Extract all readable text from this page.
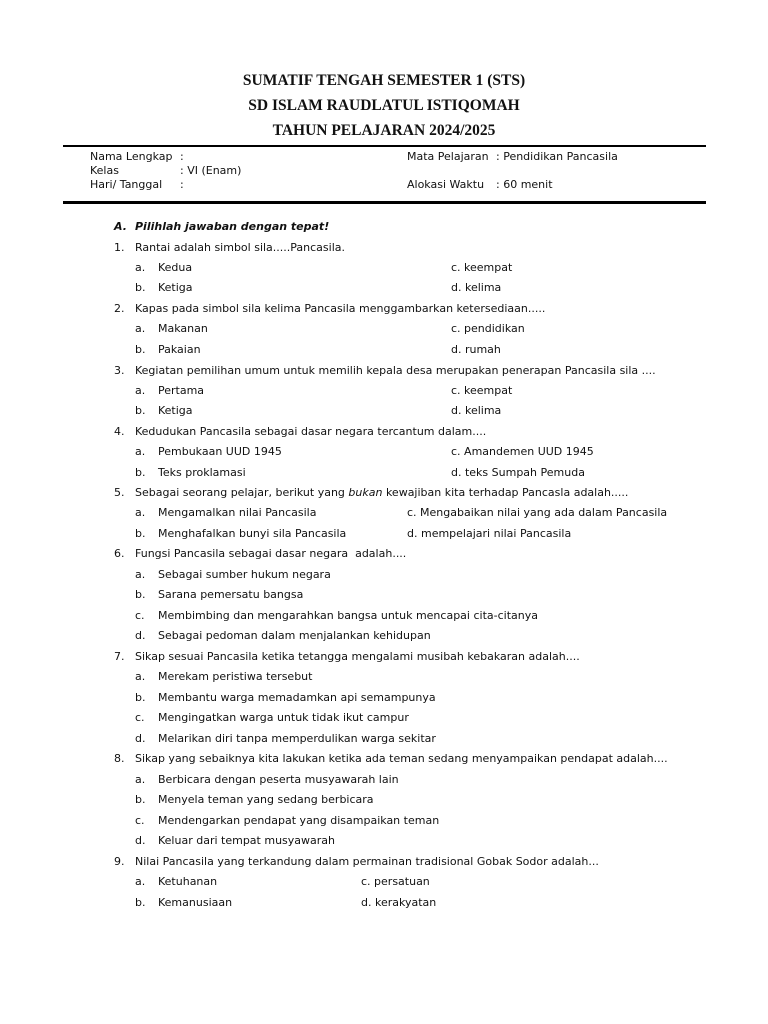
SUMATIF TENGAH SEMESTER 1 (STS)
SD ISLAM RAUDLATUL ISTIQOMAH
TAHUN PELAJARAN 2024/2025
Nama Lengkap :
Kelas	: VI (Enam)
Hari/ Tanggal :
Mata Pelajaran : Pendidikan Pancasila
Alokasi Waktu : 60 menit
A. Pilihlah jawaban dengan tepat!
1. Rantai adalah simbol sila.....Pancasila.
a. Kedua	c. keempat
b. Ketiga	d. kelima
2. Kapas pada simbol sila kelima Pancasila menggambarkan ketersediaan.....
a. Makanan	c. pendidikan
b. Pakaian	d. rumah
3. Kegiatan pemilihan umum untuk memilih kepala desa merupakan penerapan Pancasila sila ....
a. Pertama	c. keempat
b. Ketiga	d. kelima
4. Kedudukan Pancasila sebagai dasar negara tercantum dalam....
a. Pembukaan UUD 1945	c. Amandemen UUD 1945
b. Teks proklamasi	d. teks Sumpah Pemuda
5. Sebagai seorang pelajar, berikut yang bukan kewajiban kita terhadap Pancasla adalah.....
a. Mengamalkan nilai Pancasila	c. Mengabaikan nilai yang ada dalam Pancasila
b. Menghafalkan bunyi sila Pancasila	d. mempelajari nilai Pancasila
6. Fungsi Pancasila sebagai dasar negara  adalah....
a. Sebagai sumber hukum negara
b. Sarana pemersatu bangsa
c. Membimbing dan mengarahkan bangsa untuk mencapai cita-citanya
d. Sebagai pedoman dalam menjalankan kehidupan
7. Sikap sesuai Pancasila ketika tetangga mengalami musibah kebakaran adalah....
a. Merekam peristiwa tersebut
b. Membantu warga memadamkan api semampunya
c. Mengingatkan warga untuk tidak ikut campur
d. Melarikan diri tanpa memperdulikan warga sekitar
8. Sikap yang sebaiknya kita lakukan ketika ada teman sedang menyampaikan pendapat adalah....
a. Berbicara dengan peserta musyawarah lain
b. Menyela teman yang sedang berbicara
c. Mendengarkan pendapat yang disampaikan teman
d. Keluar dari tempat musyawarah
9. Nilai Pancasila yang terkandung dalam permainan tradisional Gobak Sodor adalah...
a. Ketuhanan	c. persatuan
b. Kemanusiaan	d. kerakyatan
